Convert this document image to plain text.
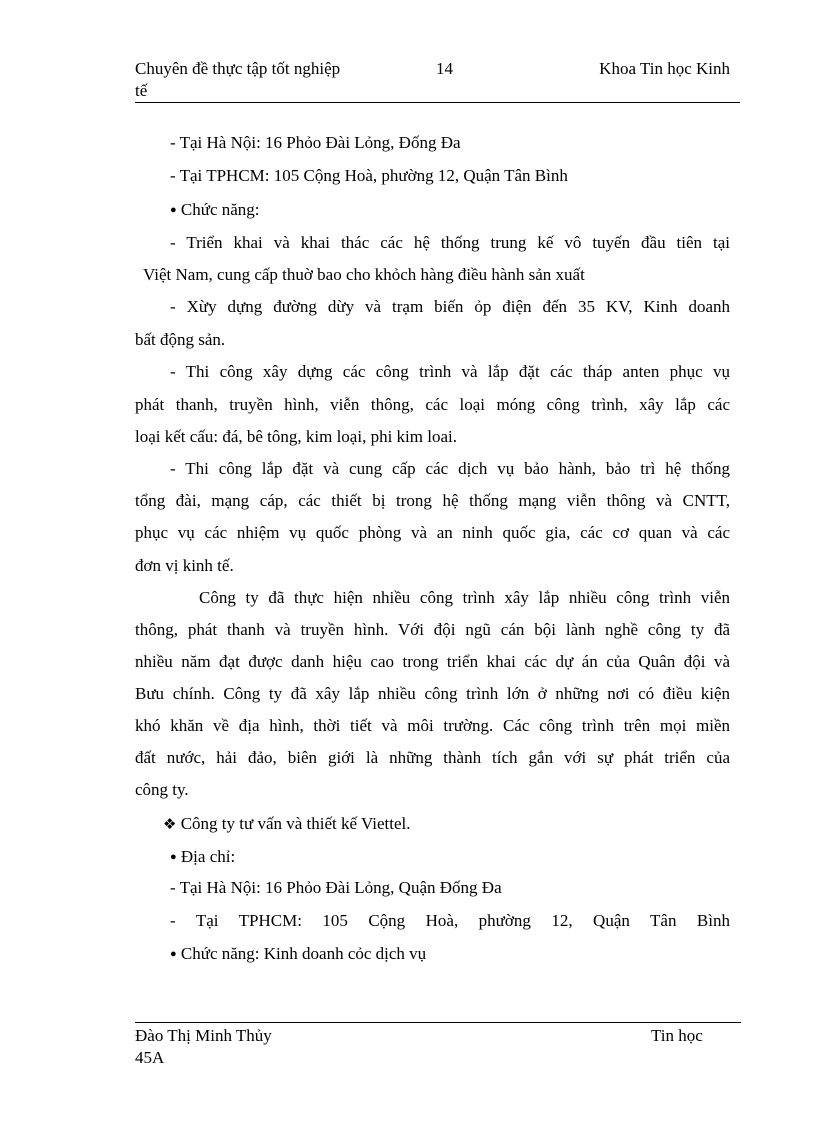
Chuyên đề thực tập tốt nghiệp
tế
14	Khoa Tin học Kinh
- Tại Hà Nội: 16 Phỏo Đài Lỏng, Đống Đa
- Tại TPHCM: 105 Cộng Hoà, phường 12, Quận Tân Bình
● Chức năng:
- Triển khai và khai thác các hệ thống trung kế vô tuyến đầu tiên tại
Việt Nam, cung cấp thuờ bao cho khỏch hàng điều hành sản xuất
- Xừy dựng đường dừy và trạm biến ỏp điện đến 35 KV, Kinh doanh
bất động sản.
- Thi công xây dựng các công trình và lắp đặt các tháp anten phục vụ
phát thanh, truyền hình, viễn thông, các loại móng công trình, xây lắp các
loại kết cấu: đá, bê tông, kim loại, phi kim loai.
- Thi công lắp đặt và cung cấp các dịch vụ bảo hành, bảo trì hệ thống
tổng đài, mạng cáp, các thiết bị trong hệ thống mạng viễn thông và CNTT,
phục vụ các nhiệm vụ quốc phòng và an ninh quốc gia, các cơ quan và các
đơn vị kinh tế.
Công ty đã thực hiện nhiều công trình xây lắp nhiều công trình viễn
thông, phát thanh và truyền hình. Với đội ngũ cán bội lành nghề công ty đã
nhiều năm đạt được danh hiệu cao trong triển khai các dự án của Quân đội và
Bưu chính. Công ty đã xây lắp nhiều công trình lớn ở những nơi có điều kiện
khó khăn về địa hình, thời tiết và môi trường. Các công trình trên mọi miền
đất nước, hải đảo, biên giới là những thành tích gắn với sự phát triển của
công ty.
❖ Công ty tư vấn và thiết kế Viettel.
● Địa chỉ:
- Tại Hà Nội: 16 Phỏo Đài Lỏng, Quận Đống Đa
- Tại TPHCM: 105 Cộng Hoà, phường 12, Quận Tân Bình
● Chức năng: Kinh doanh cỏc dịch vụ
Đào Thị Minh Thủy
45A
Tin học
